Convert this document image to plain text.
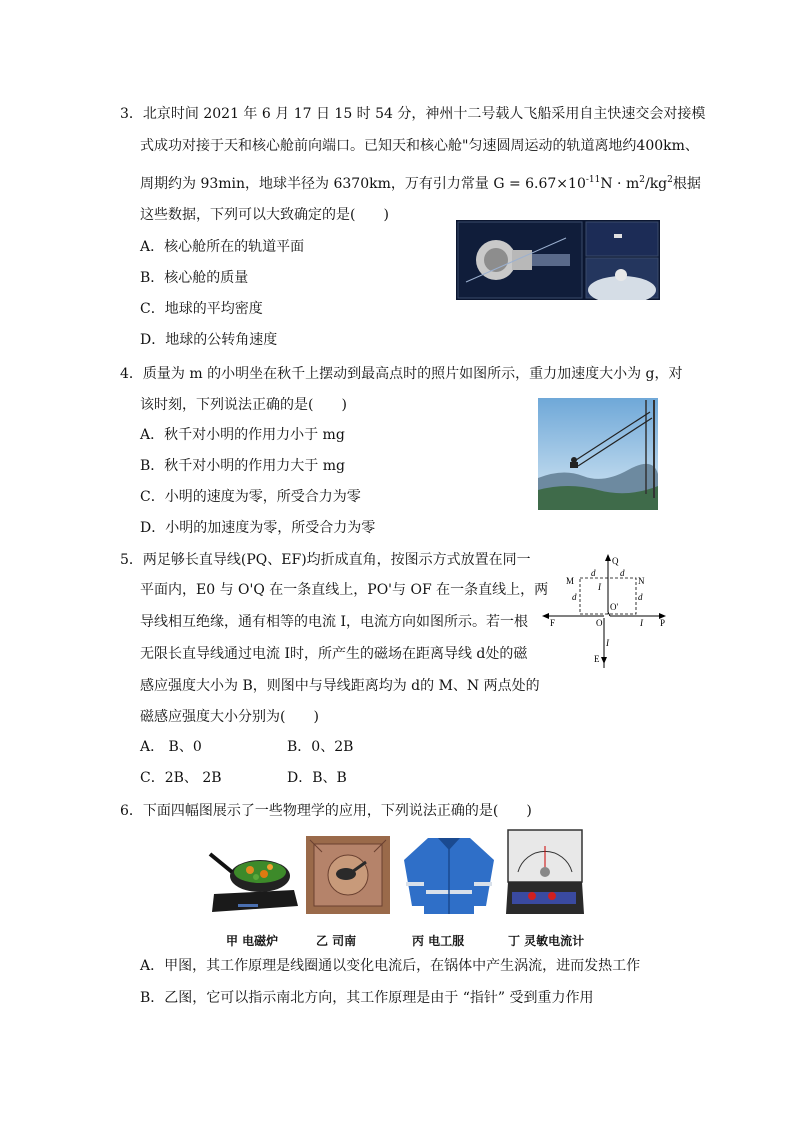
3．北京时间 2021 年 6 月 17 日 15 时 54 分，神州十二号载人飞船采用自主快速交会对接模
式成功对接于天和核心舱前向端口。已知天和核心舱"匀速圆周运动的轨道离地约400km、
周期约为 93min，地球半径为 6370km，万有引力常量 $G = 6.67\times 10^{-11}N \cdot m^2/kg^2$根据
这些数据，下列可以大致确定的是(　　)
A．核心舱所在的轨道平面
B．核心舱的质量
C．地球的平均密度
D．地球的公转角速度
4．质量为 m 的小明坐在秋千上摆动到最高点时的照片如图所示，重力加速度大小为 g，对
该时刻，下列说法正确的是(　　)
A．秋千对小明的作用力小于 mg
B．秋千对小明的作用力大于 mg
C．小明的速度为零，所受合力为零
D．小明的加速度为零，所受合力为零
5．两足够长直导线(PQ、EF)均折成直角，按图示方式放置在同一
平面内，E0 与 O'Q 在一条直线上，PO'与 OF 在一条直线上，两
导线相互绝缘，通有相等的电流 I，电流方向如图所示。若一根
无限长直导线通过电流 I时，所产生的磁场在距离导线 d处的磁
感应强度大小为 B，则图中与导线距离均为 d的 M、N 两点处的
磁感应强度大小分别为(　　)
A． B、0	B．0、2B
C．2B、 2B	D．B、B
Q
P
E
F
M	N
O
O'
d	d
d	d
I
I
I
6．下面四幅图展示了一些物理学的应用，下列说法正确的是(　　)
甲 电磁炉	乙 司南	丙 电工服	丁 灵敏电流计
A．甲图，其工作原理是线圈通以变化电流后，在锅体中产生涡流，进而发热工作
B．乙图，它可以指示南北方向，其工作原理是由于 “指针” 受到重力作用
